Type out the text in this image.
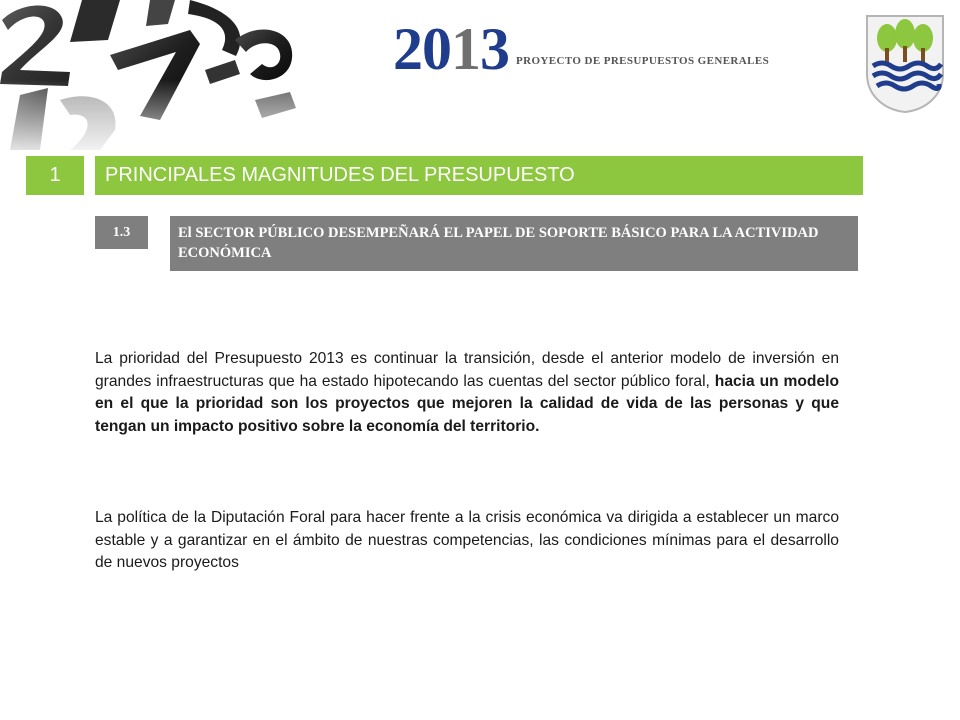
2013 PROYECTO DE PRESUPUESTOS GENERALES
1	PRINCIPALES MAGNITUDES DEL PRESUPUESTO
1.3	El SECTOR PÚBLICO DESEMPEÑARÁ EL PAPEL DE SOPORTE BÁSICO PARA LA ACTIVIDAD ECONÓMICA

La prioridad del Presupuesto 2013 es continuar la transición, desde el anterior modelo de inversión en grandes infraestructuras que ha estado hipotecando las cuentas del sector público foral, hacia un modelo en el que la prioridad son los proyectos que mejoren la calidad de vida de las personas y que tengan un impacto positivo sobre la economía del territorio.

La política de la Diputación Foral para hacer frente a la crisis económica va dirigida a establecer un marco estable y a garantizar en el ámbito de nuestras competencias, las condiciones mínimas para el desarrollo de nuevos proyectos
